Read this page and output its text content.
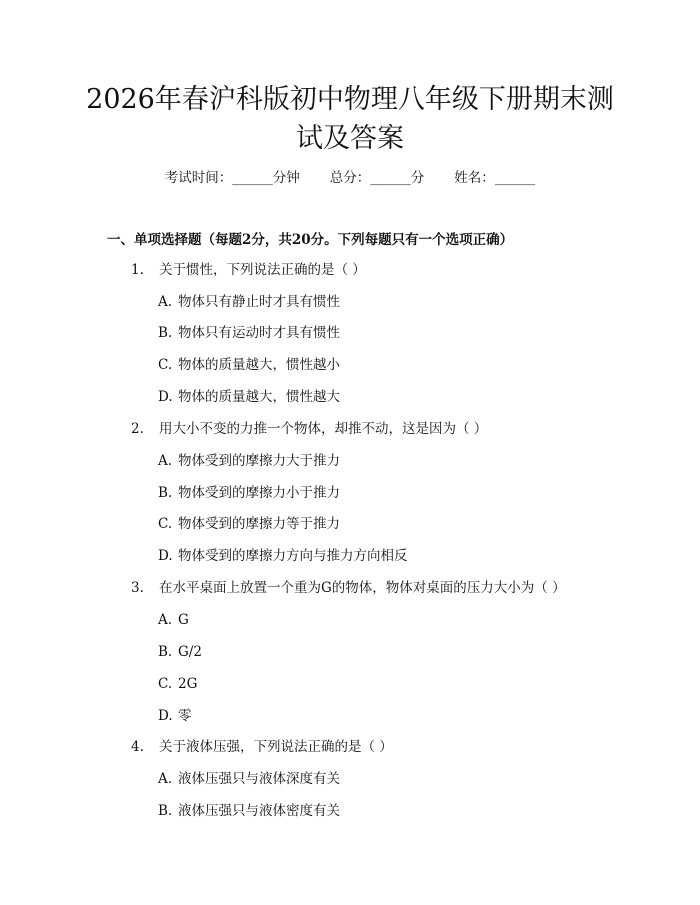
2026年春沪科版初中物理八年级下册期末测
试及答案
考试时间：______分钟 总分：______分 姓名：______
一、单项选择题（每题2分，共20分。下列每题只有一个选项正确）
1. 关于惯性，下列说法正确的是（ ）
A. 物体只有静止时才具有惯性
B. 物体只有运动时才具有惯性
C. 物体的质量越大，惯性越小
D. 物体的质量越大，惯性越大
2. 用大小不变的力推一个物体，却推不动，这是因为（ ）
A. 物体受到的摩擦力大于推力
B. 物体受到的摩擦力小于推力
C. 物体受到的摩擦力等于推力
D. 物体受到的摩擦力方向与推力方向相反
3. 在水平桌面上放置一个重为G的物体，物体对桌面的压力大小为（ ）
A. G
B. G/2
C. 2G
D. 零
4. 关于液体压强，下列说法正确的是（ ）
A. 液体压强只与液体深度有关
B. 液体压强只与液体密度有关
